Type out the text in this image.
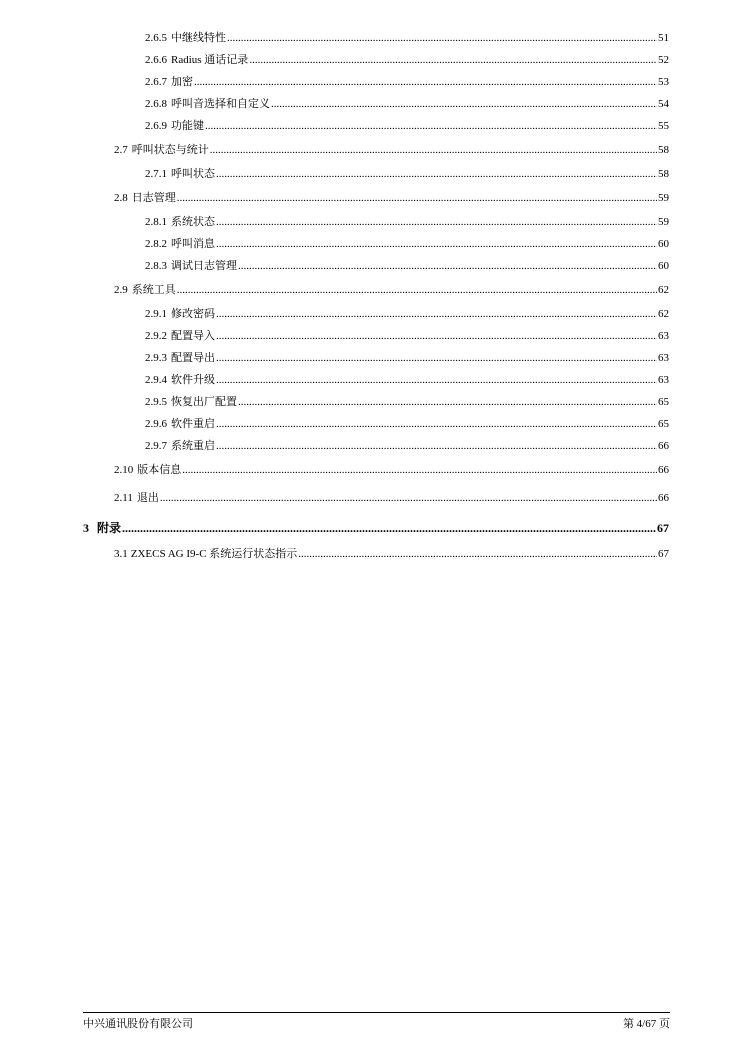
2.6.5 中继线特性 .....	51
2.6.6 Radius 通话记录 .....	52
2.6.7 加密 .....	53
2.6.8 呼叫音选择和自定义 .....	54
2.6.9 功能键 .....	55
2.7 呼叫状态与统计 .....	58
2.7.1 呼叫状态 .....	58
2.8 日志管理 .....	59
2.8.1 系统状态 .....	59
2.8.2 呼叫消息 .....	60
2.8.3 调试日志管理 .....	60
2.9 系统工具 .....	62
2.9.1 修改密码 .....	62
2.9.2 配置导入 .....	63
2.9.3 配置导出 .....	63
2.9.4 软件升级 .....	63
2.9.5 恢复出厂配置 .....	65
2.9.6 软件重启 .....	65
2.9.7 系统重启 .....	66
2.10 版本信息 .....	66
2.11 退出 .....	66
3 附录 .....	67
3.1 ZXECS AG I9-C 系统运行状态指示 .....	67
中兴通讯股份有限公司	第 4/67 页
